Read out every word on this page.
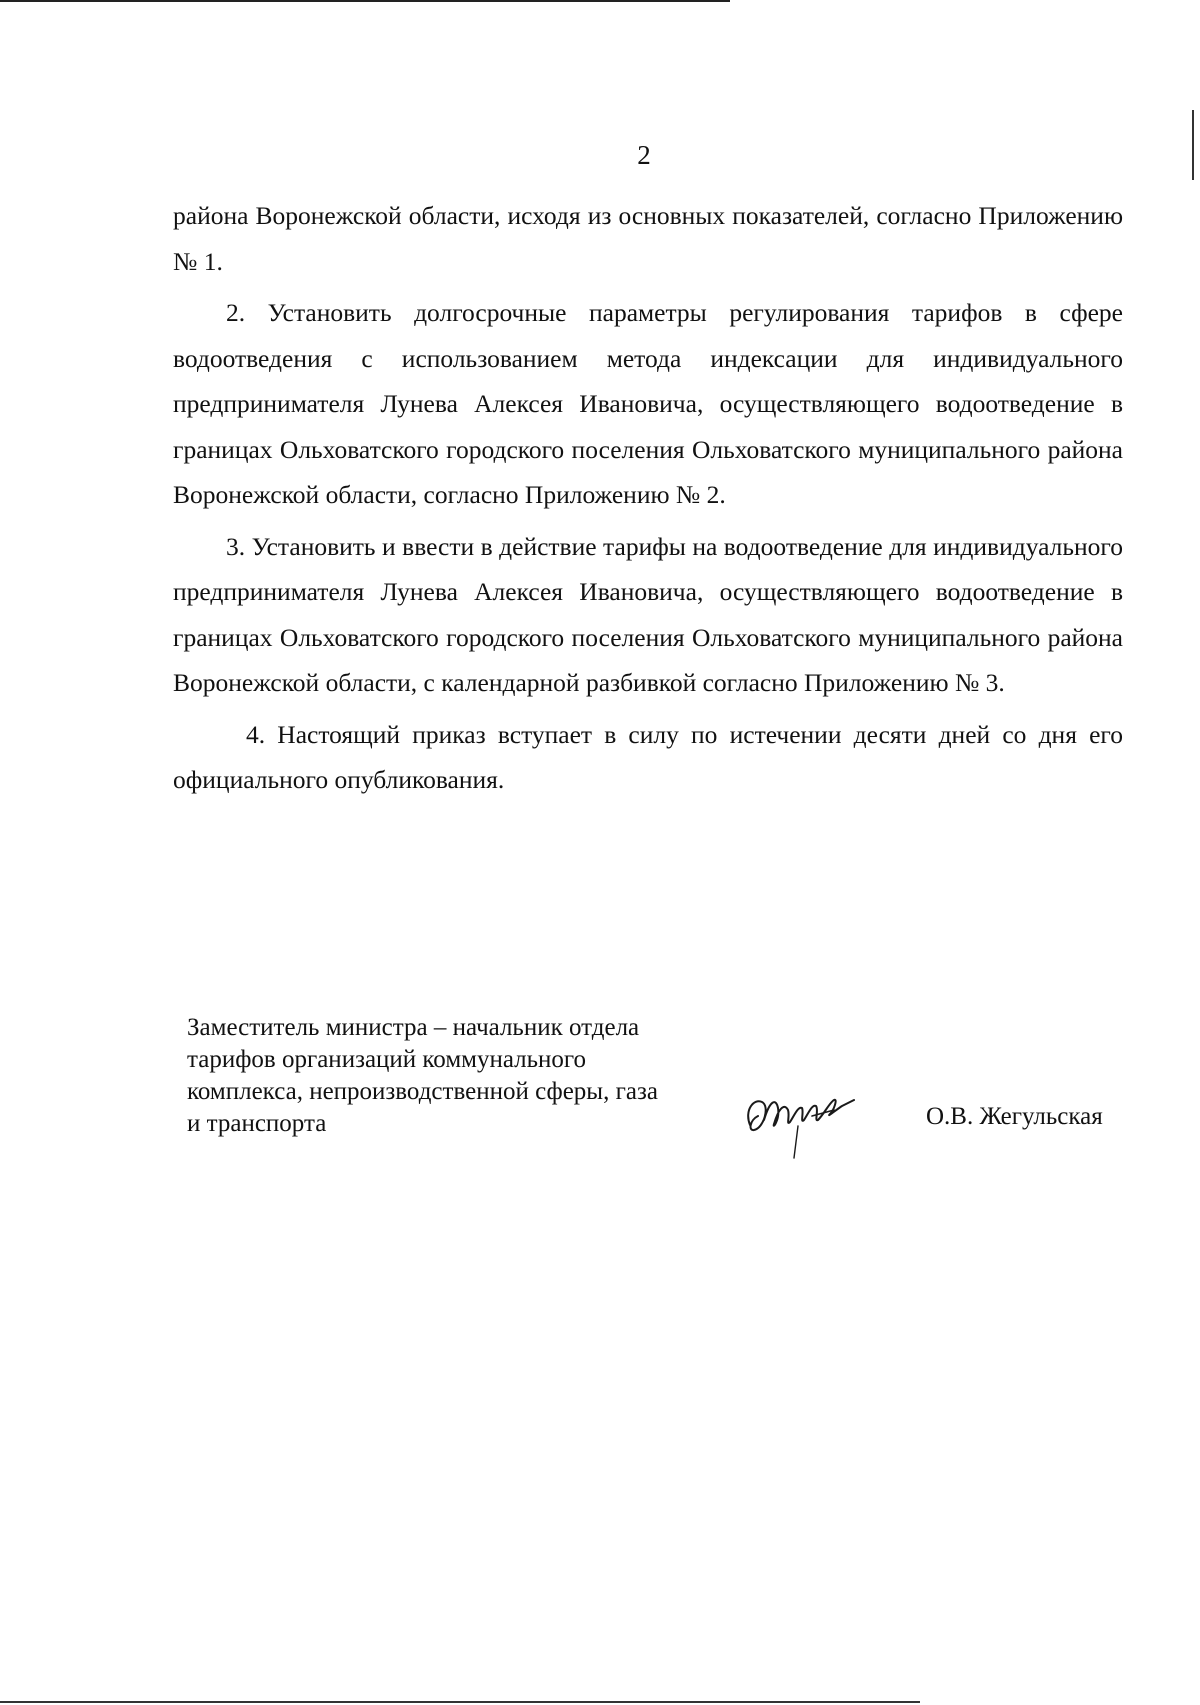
2

района Воронежской области, исходя из основных показателей, согласно Приложению № 1.

2. Установить долгосрочные параметры регулирования тарифов в сфере водоотведения с использованием метода индексации для индивидуального предпринимателя Лунева Алексея Ивановича, осуществляющего водоотведение в границах Ольховатского городского поселения Ольховатского муниципального района Воронежской области, согласно Приложению № 2.

3. Установить и ввести в действие тарифы на водоотведение для индивидуального предпринимателя Лунева Алексея Ивановича, осуществляющего водоотведение в границах Ольховатского городского поселения Ольховатского муниципального района Воронежской области, с календарной разбивкой согласно Приложению № 3.

4. Настоящий приказ вступает в силу по истечении десяти дней со дня его официального опубликования.

Заместитель министра – начальник отдела
тарифов организаций коммунального
комплекса, непроизводственной сферы, газа
и транспорта	О.В. Жегульская
